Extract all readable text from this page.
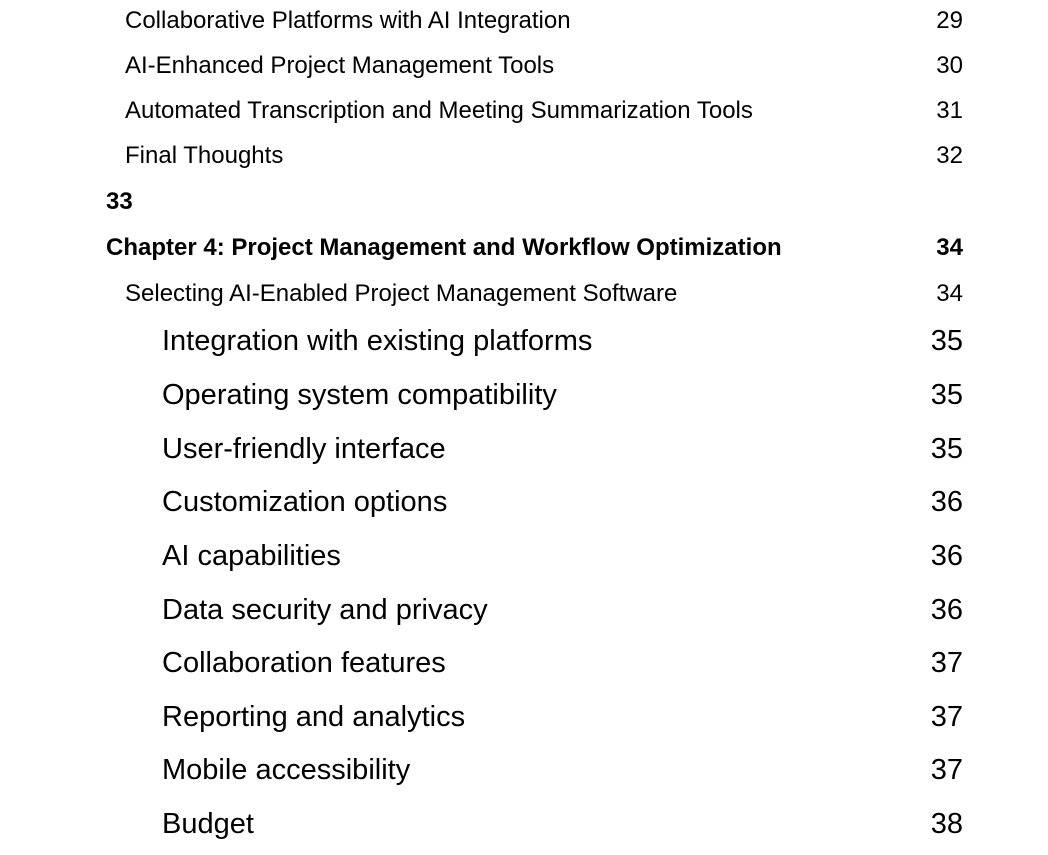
Collaborative Platforms with AI Integration	29
AI-Enhanced Project Management Tools	30
Automated Transcription and Meeting Summarization Tools	31
Final Thoughts	32
33
Chapter 4: Project Management and Workflow Optimization	34
Selecting AI-Enabled Project Management Software	34
Integration with existing platforms	35
Operating system compatibility	35
User-friendly interface	35
Customization options	36
AI capabilities	36
Data security and privacy	36
Collaboration features	37
Reporting and analytics	37
Mobile accessibility	37
Budget	38
